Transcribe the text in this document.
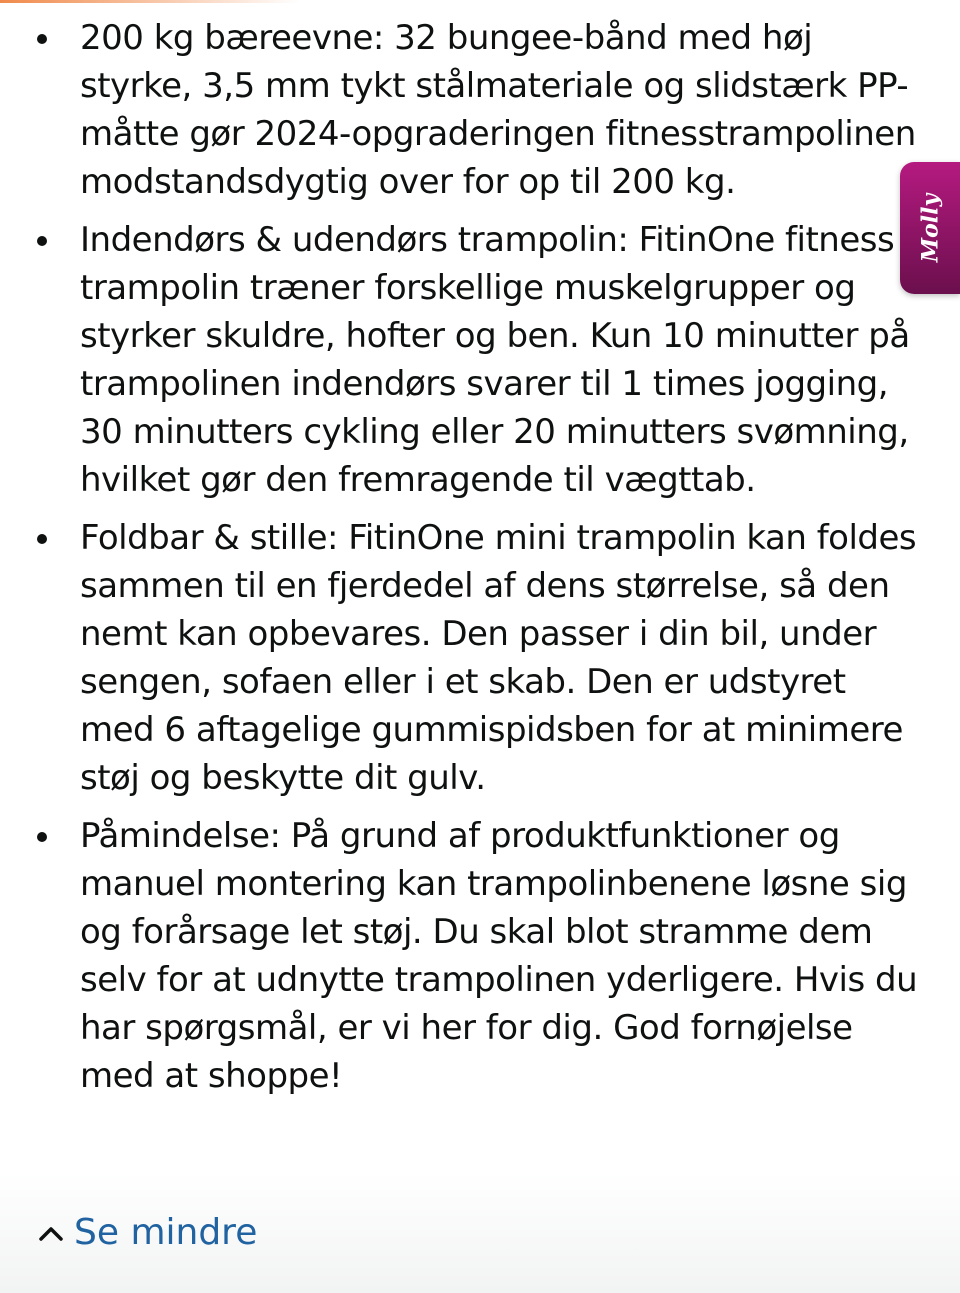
200 kg bæreevne: 32 bungee-bånd med høj styrke, 3,5 mm tykt stålmateriale og slidstærk PP-måtte gør 2024-opgraderingen fitnesstrampolinen modstandsdygtig over for op til 200 kg.
Indendørs & udendørs trampolin: FitinOne fitness trampolin træner forskellige muskelgrupper og styrker skuldre, hofter og ben. Kun 10 minutter på trampolinen indendørs svarer til 1 times jogging, 30 minutters cykling eller 20 minutters svømning, hvilket gør den fremragende til vægttab.
Foldbar & stille: FitinOne mini trampolin kan foldes sammen til en fjerdedel af dens størrelse, så den nemt kan opbevares. Den passer i din bil, under sengen, sofaen eller i et skab. Den er udstyret med 6 aftagelige gummispidsben for at minimere støj og beskytte dit gulv.
Påmindelse: På grund af produktfunktioner og manuel montering kan trampolinbenene løsne sig og forårsage let støj. Du skal blot stramme dem selv for at udnytte trampolinen yderligere. Hvis du har spørgsmål, er vi her for dig. God fornøjelse med at shoppe!
Se mindre
Molly
